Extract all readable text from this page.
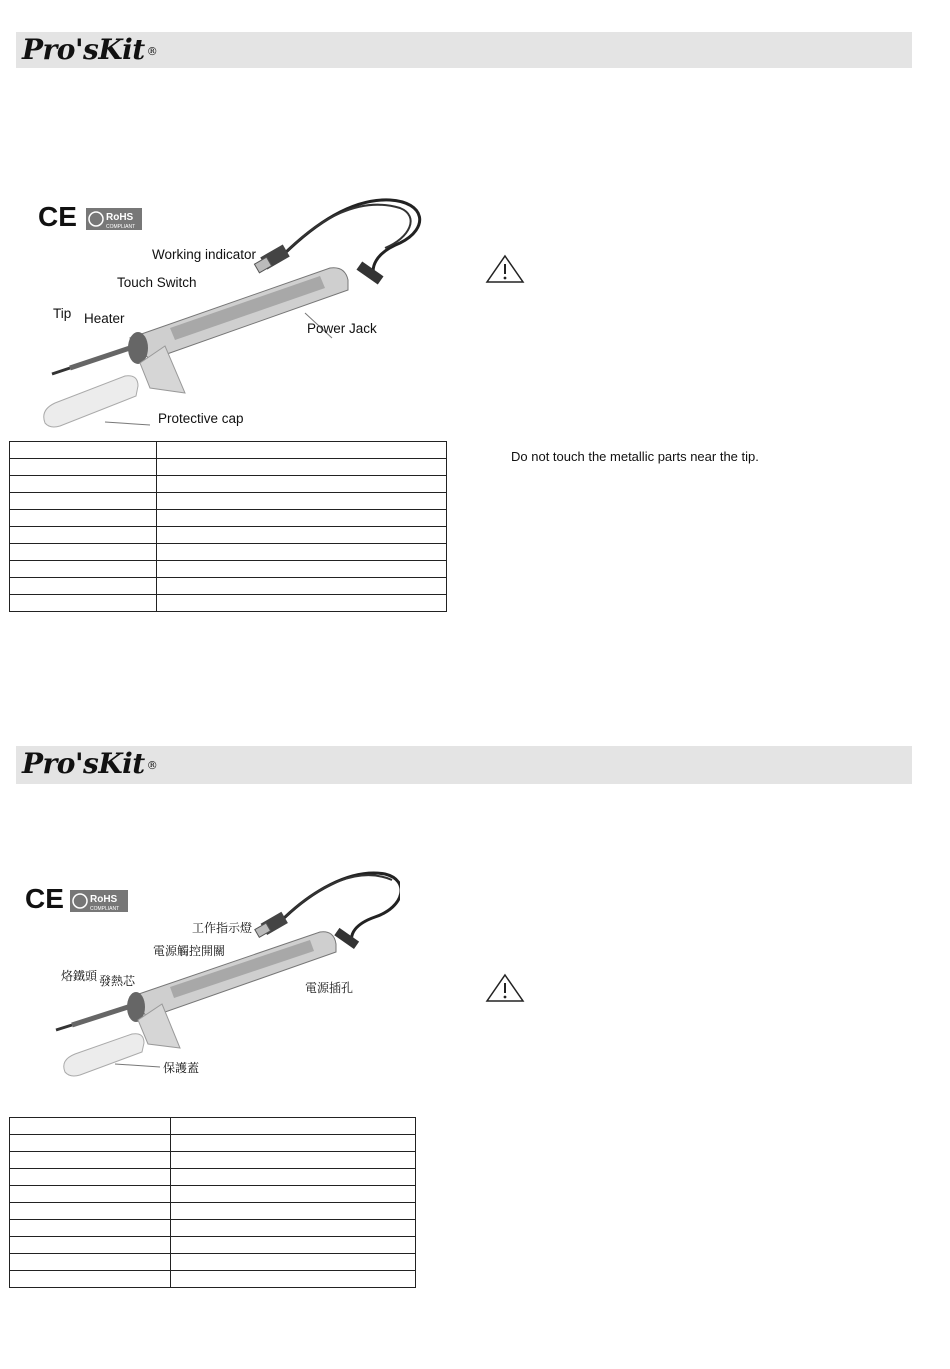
Pro'sKit ®
CE	RoHS
COMPLIANT
Working indicator
Touch Switch
Tip Heater
Power Jack
Protective cap

Do not touch the metallic parts near the tip.
Pro'sKit ®
CE	RoHS
COMPLIANT
工作指示燈
電源觸控開關
烙鐵頭 發熱芯	電源插孔
保護蓋
